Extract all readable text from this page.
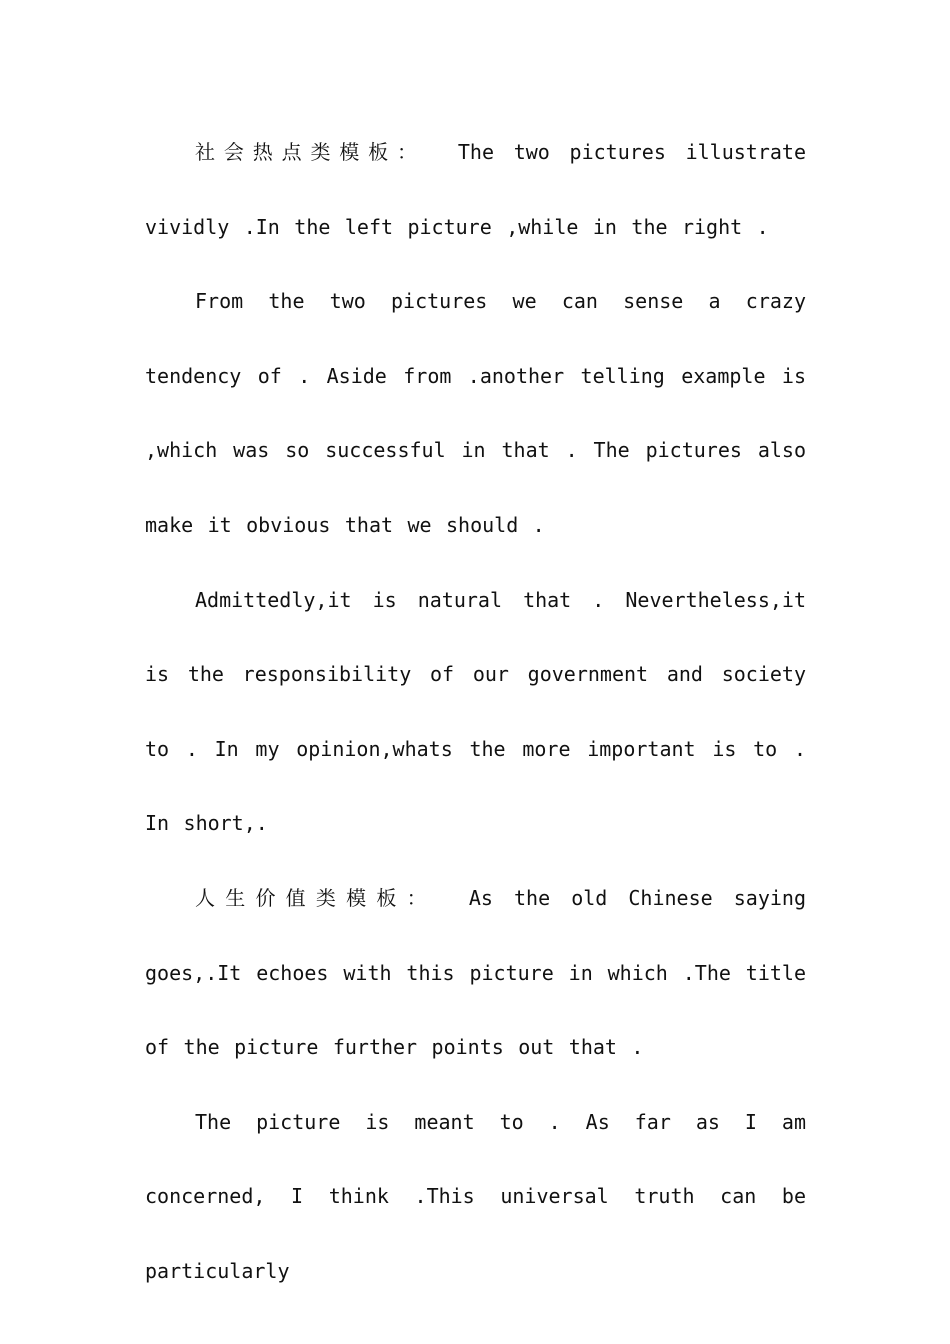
社会热点类模板： The two pictures illustrate vividly .In the left picture ,while in the right .

From the two pictures we can sense a crazy tendency of . Aside from .another telling example is ,which was so successful in that . The pictures also make it obvious that we should .

Admittedly,it is natural that . Nevertheless,it is the responsibility of our government and society to . In my opinion,whats the more important is to . In short,.

人生价值类模板： As the old Chinese saying goes,.It echoes with this picture in which .The title of the picture further points out that .

The picture is meant to . As far as I am concerned, I think .This universal truth can be particularly
